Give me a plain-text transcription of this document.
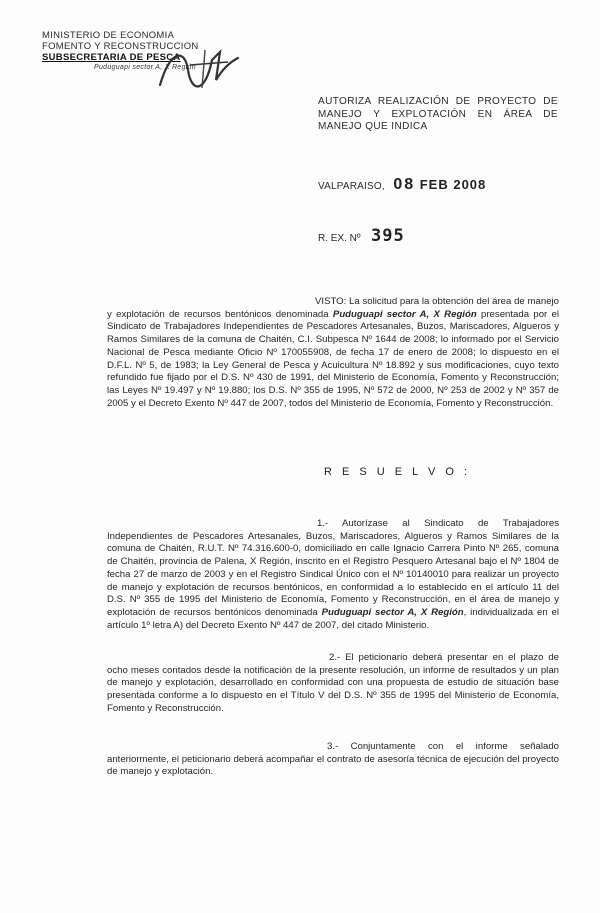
MINISTERIO DE ECONOMIA
FOMENTO Y RECONSTRUCCION
SUBSECRETARIA DE PESCA
Puduguapi sector A, X Región
AUTORIZA REALIZACIÓN DE PROYECTO DE MANEJO Y EXPLOTACIÓN EN ÁREA DE MANEJO QUE INDICA
VALPARAISO, 08 FEB 2008
R. EX. Nº 395
VISTO: La solicitud para la obtención del área de manejo y explotación de recursos bentónicos denominada Puduguapi sector A, X Región presentada por el Sindicato de Trabajadores Independientes de Pescadores Artesanales, Buzos, Mariscadores, Algueros y Ramos Similares de la comuna de Chaitén, C.I. Subpesca Nº 1644 de 2008; lo informado por el Servicio Nacional de Pesca mediante Oficio Nº 170055908, de fecha 17 de enero de 2008; lo dispuesto en el D.F.L. Nº 5, de 1983; la Ley General de Pesca y Acuicultura Nº 18.892 y sus modificaciones, cuyo texto refundido fue fijado por el D.S. Nº 430 de 1991, del Ministerio de Economía, Fomento y Reconstrucción; las Leyes Nº 19.497 y Nº 19.880; los D.S. Nº 355 de 1995, Nº 572 de 2000, Nº 253 de 2002 y Nº 357 de 2005 y el Decreto Exento Nº 447 de 2007, todos del Ministerio de Economía, Fomento y Reconstrucción.
R E S U E L V O :
1.- Autorízase al Sindicato de Trabajadores Independientes de Pescadores Artesanales, Buzos, Mariscadores, Algueros y Ramos Similares de la comuna de Chaitén, R.U.T. Nº 74.316.600-0, domiciliado en calle Ignacio Carrera Pinto Nº 265, comuna de Chaitén, provincia de Palena, X Región, inscrito en el Registro Pesquero Artesanal bajo el Nº 1804 de fecha 27 de marzo de 2003 y en el Registro Sindical Único con el Nº 10140010 para realizar un proyecto de manejo y explotación de recursos bentónicos, en conformidad a lo establecido en el artículo 11 del D.S. Nº 355 de 1995 del Ministerio de Economía, Fomento y Reconstrucción, en el área de manejo y explotación de recursos bentónicos denominada Puduguapi sector A, X Región, individualizada en el artículo 1º letra A) del Decreto Exento Nº 447 de 2007, del citado Ministerio.
2.- El peticionario deberá presentar en el plazo de ocho meses contados desde la notificación de la presente resolución, un informe de resultados y un plan de manejo y explotación, desarrollado en conformidad con una propuesta de estudio de situación base presentada conforme a lo dispuesto en el Título V del D.S. Nº 355 de 1995 del Ministerio de Economía, Fomento y Reconstrucción.
3.- Conjuntamente con el informe señalado anteriormente, el peticionario deberá acompañar el contrato de asesoría técnica de ejecución del proyecto de manejo y explotación.
